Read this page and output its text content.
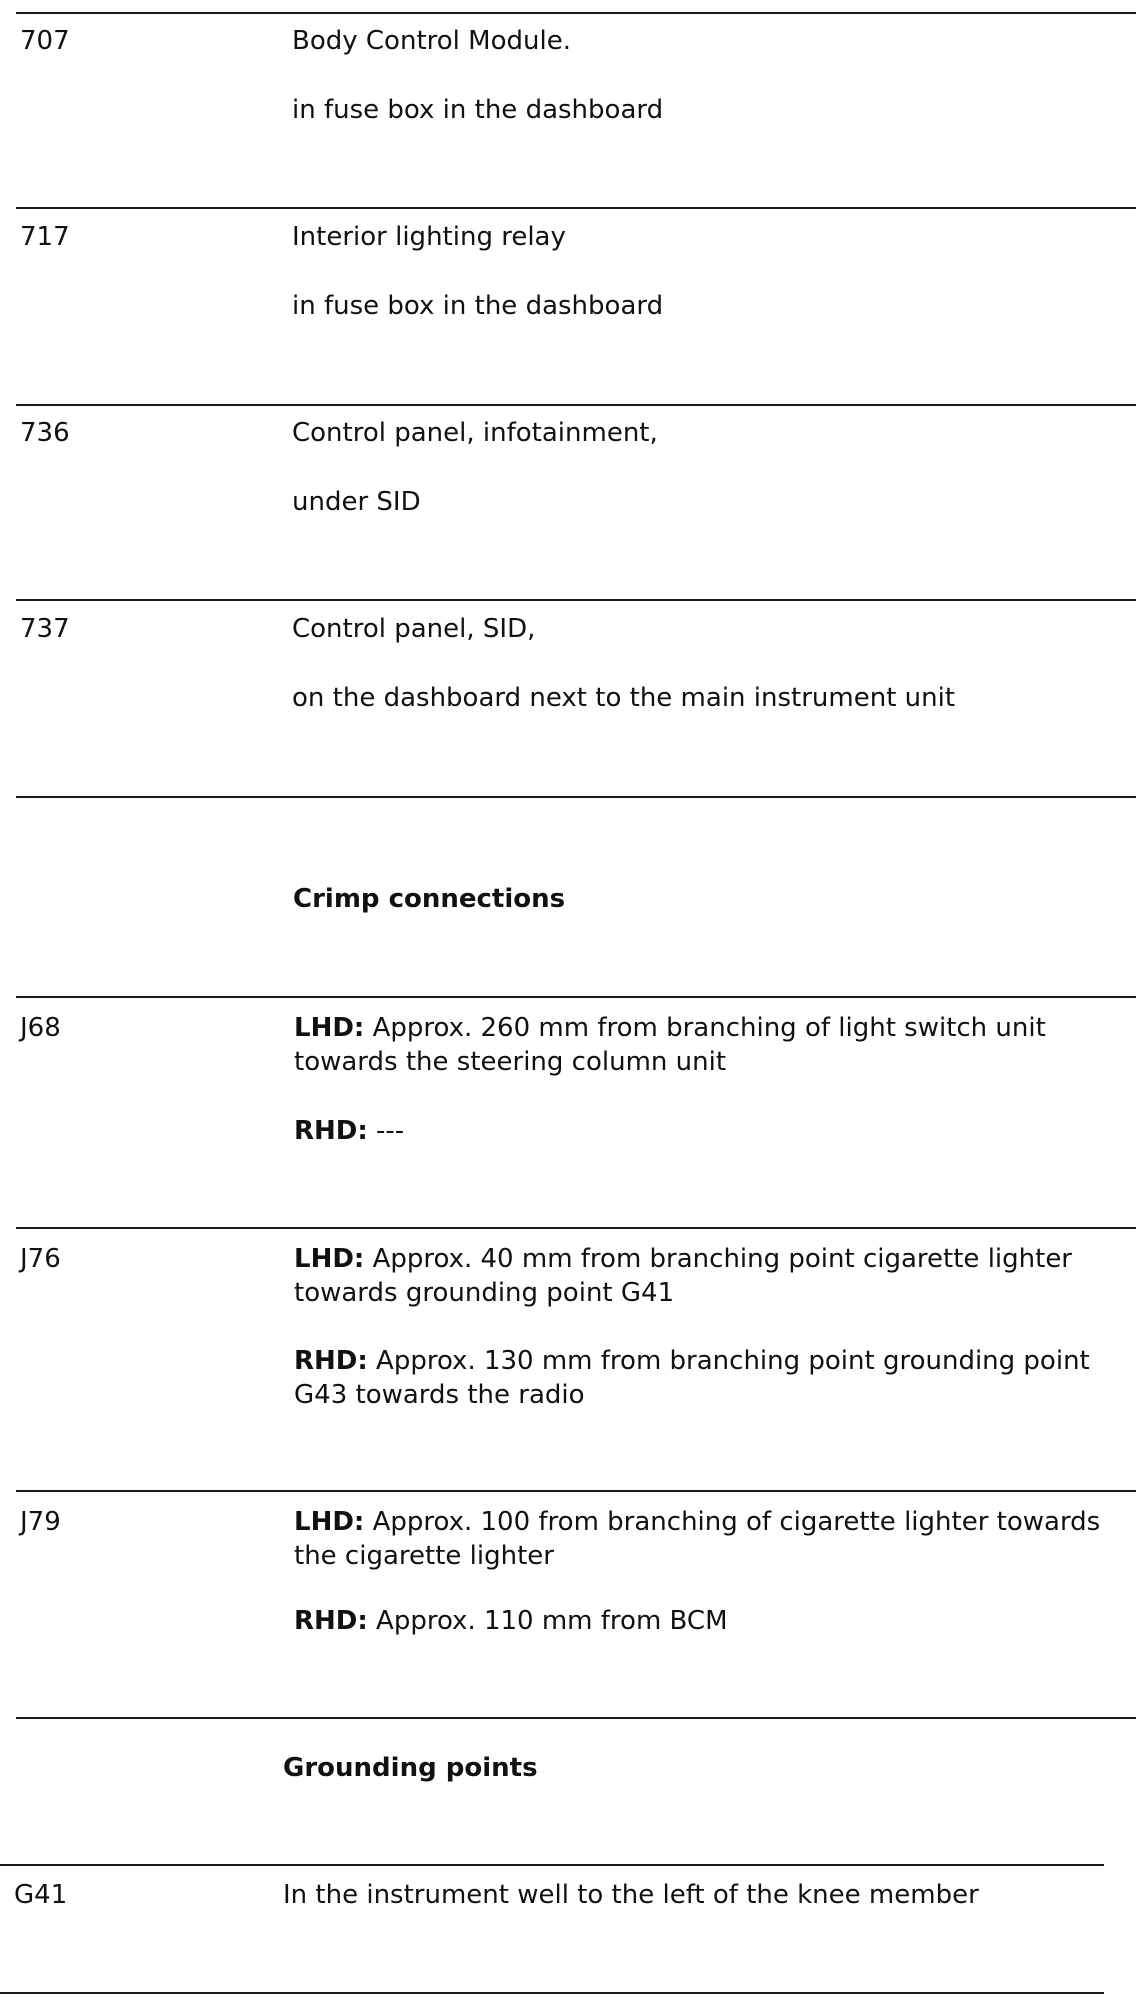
707	Body Control Module.
in fuse box in the dashboard
717	Interior lighting relay
in fuse box in the dashboard
736	Control panel, infotainment,
under SID
737	Control panel, SID,
on the dashboard next to the main instrument unit
Crimp connections
J68	LHD: Approx. 260 mm from branching of light switch unit towards the steering column unit
RHD: ---
J76	LHD: Approx. 40 mm from branching point cigarette lighter towards grounding point G41
RHD: Approx. 130 mm from branching point grounding point G43 towards the radio
J79	LHD: Approx. 100 from branching of cigarette lighter towards the cigarette lighter
RHD: Approx. 110 mm from BCM
Grounding points
G41	In the instrument well to the left of the knee member
